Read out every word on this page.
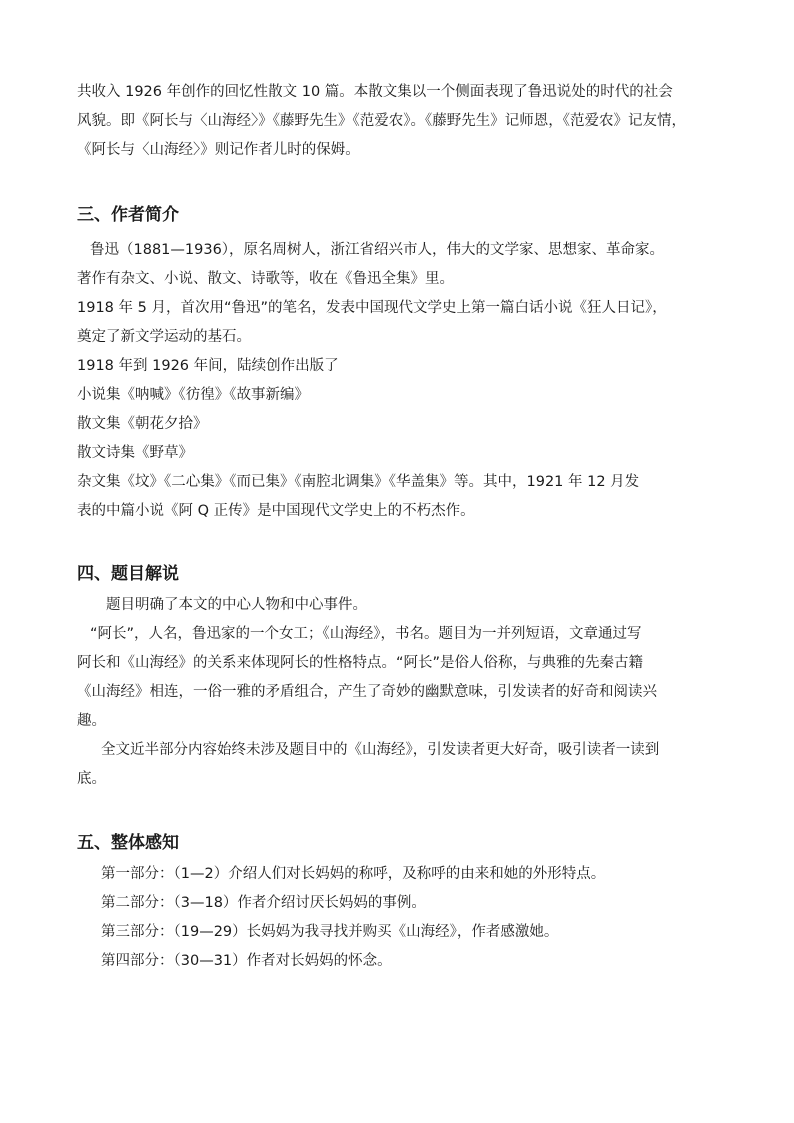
共收入 1926 年创作的回忆性散文 10 篇。本散文集以一个侧面表现了鲁迅说处的时代的社会

风貌。即《阿长与〈山海经〉》《藤野先生》《范爱农》。《藤野先生》记师恩，《范爱农》记友情，

《阿长与〈山海经〉》则记作者儿时的保姆。

三、作者简介

鲁迅（1881—1936），原名周树人，浙江省绍兴市人，伟大的文学家、思想家、革命家。

著作有杂文、小说、散文、诗歌等，收在《鲁迅全集》里。

1918 年 5 月，首次用“鲁迅”的笔名，发表中国现代文学史上第一篇白话小说《狂人日记》，

奠定了新文学运动的基石。

1918 年到 1926 年间，陆续创作出版了

小说集《呐喊》《彷徨》《故事新编》

散文集《朝花夕拾》

散文诗集《野草》

杂文集《坟》《二心集》《而已集》《南腔北调集》《华盖集》等。其中，1921 年 12 月发

表的中篇小说《阿 Q 正传》是中国现代文学史上的不朽杰作。

四、题目解说

题目明确了本文的中心人物和中心事件。

“阿长”，人名，鲁迅家的一个女工；《山海经》，书名。题目为一并列短语，文章通过写

阿长和《山海经》的关系来体现阿长的性格特点。“阿长”是俗人俗称，与典雅的先秦古籍

《山海经》相连，一俗一雅的矛盾组合，产生了奇妙的幽默意味，引发读者的好奇和阅读兴

趣。

全文近半部分内容始终未涉及题目中的《山海经》，引发读者更大好奇，吸引读者一读到

底。

五、整体感知

第一部分：（1—2）介绍人们对长妈妈的称呼，及称呼的由来和她的外形特点。

第二部分：（3—18）作者介绍讨厌长妈妈的事例。

第三部分：（19—29）长妈妈为我寻找并购买《山海经》，作者感激她。

第四部分：（30—31）作者对长妈妈的怀念。
